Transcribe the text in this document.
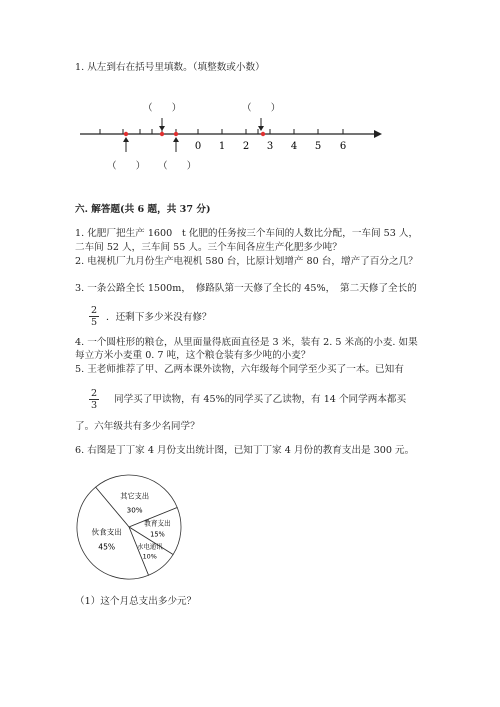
1. 从左到右在括号里填数。（填整数或小数）
0 1 2 3 4 5 6
（　　）	（　　）
（　　） （　　）
六. 解答题(共 6 题，共 37 分)
1. 化肥厂把生产 1600　t 化肥的任务按三个车间的人数比分配，一车间 53 人，
二车间 52 人，三车间 55 人。三个车间各应生产化肥多少吨？
2. 电视机厂九月份生产电视机 580 台，比原计划增产 80 台，增产了百分之几？
3. 一条公路全长 1500m，　修路队第一天修了全长的 45%，　第二天修了全长的
2
5 ．还剩下多少米没有修？
4. 一个圆柱形的粮仓，从里面量得底面直径是 3 米，装有 2. 5 米高的小麦. 如果
每立方米小麦重 0. 7 吨，这个粮仓装有多少吨的小麦？
5. 王老师推荐了甲、乙两本课外读物，六年级每个同学至少买了一本。已知有
2
3
同学买了甲读物，有 45%的同学买了乙读物，有 14 个同学两本都买
了。六年级共有多少名同学？
6. 右图是丁丁家 4 月份支出统计图，已知丁丁家 4 月份的教育支出是 300 元。
其它支出
30%
教育支出
15%
水电通讯
10%
伙食支出
45%
（1）这个月总支出多少元？
